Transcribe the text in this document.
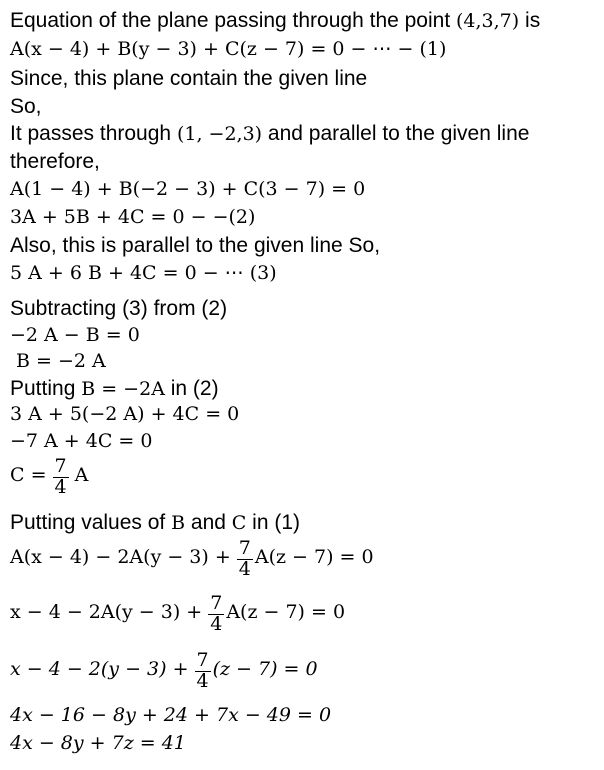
Equation of the plane passing through the point (4,3,7) is
A(x − 4) + B(y − 3) + C(z − 7) = 0 − ⋯ − (1)
Since, this plane contain the given line
So,
It passes through (1, −2,3) and parallel to the given line
therefore,
A(1 − 4) + B(−2 − 3) + C(3 − 7) = 0
3A + 5B + 4C = 0 − −(2)
Also, this is parallel to the given line So,
5 A + 6 B + 4C = 0 − ⋯ (3)
Subtracting (3) from (2)
−2 A − B = 0
B = −2 A
Putting B = −2A in (2)
3 A + 5(−2 A) + 4C = 0
−7 A + 4C = 0
$C = \frac{7}{4}$ A
Putting values of B and C in (1)
$A(x - 4) - 2A(y - 3) + \frac{7}{4} A(z - 7) = 0$
$x - 4 - 2A(y - 3) + \frac{7}{4} A(z - 7) = 0$
$x - 4 - 2(y - 3) + \frac{7}{4} (z - 7) = 0$
4x − 16 − 8y + 24 + 7x − 49 = 0
4x − 8y + 7z = 41
